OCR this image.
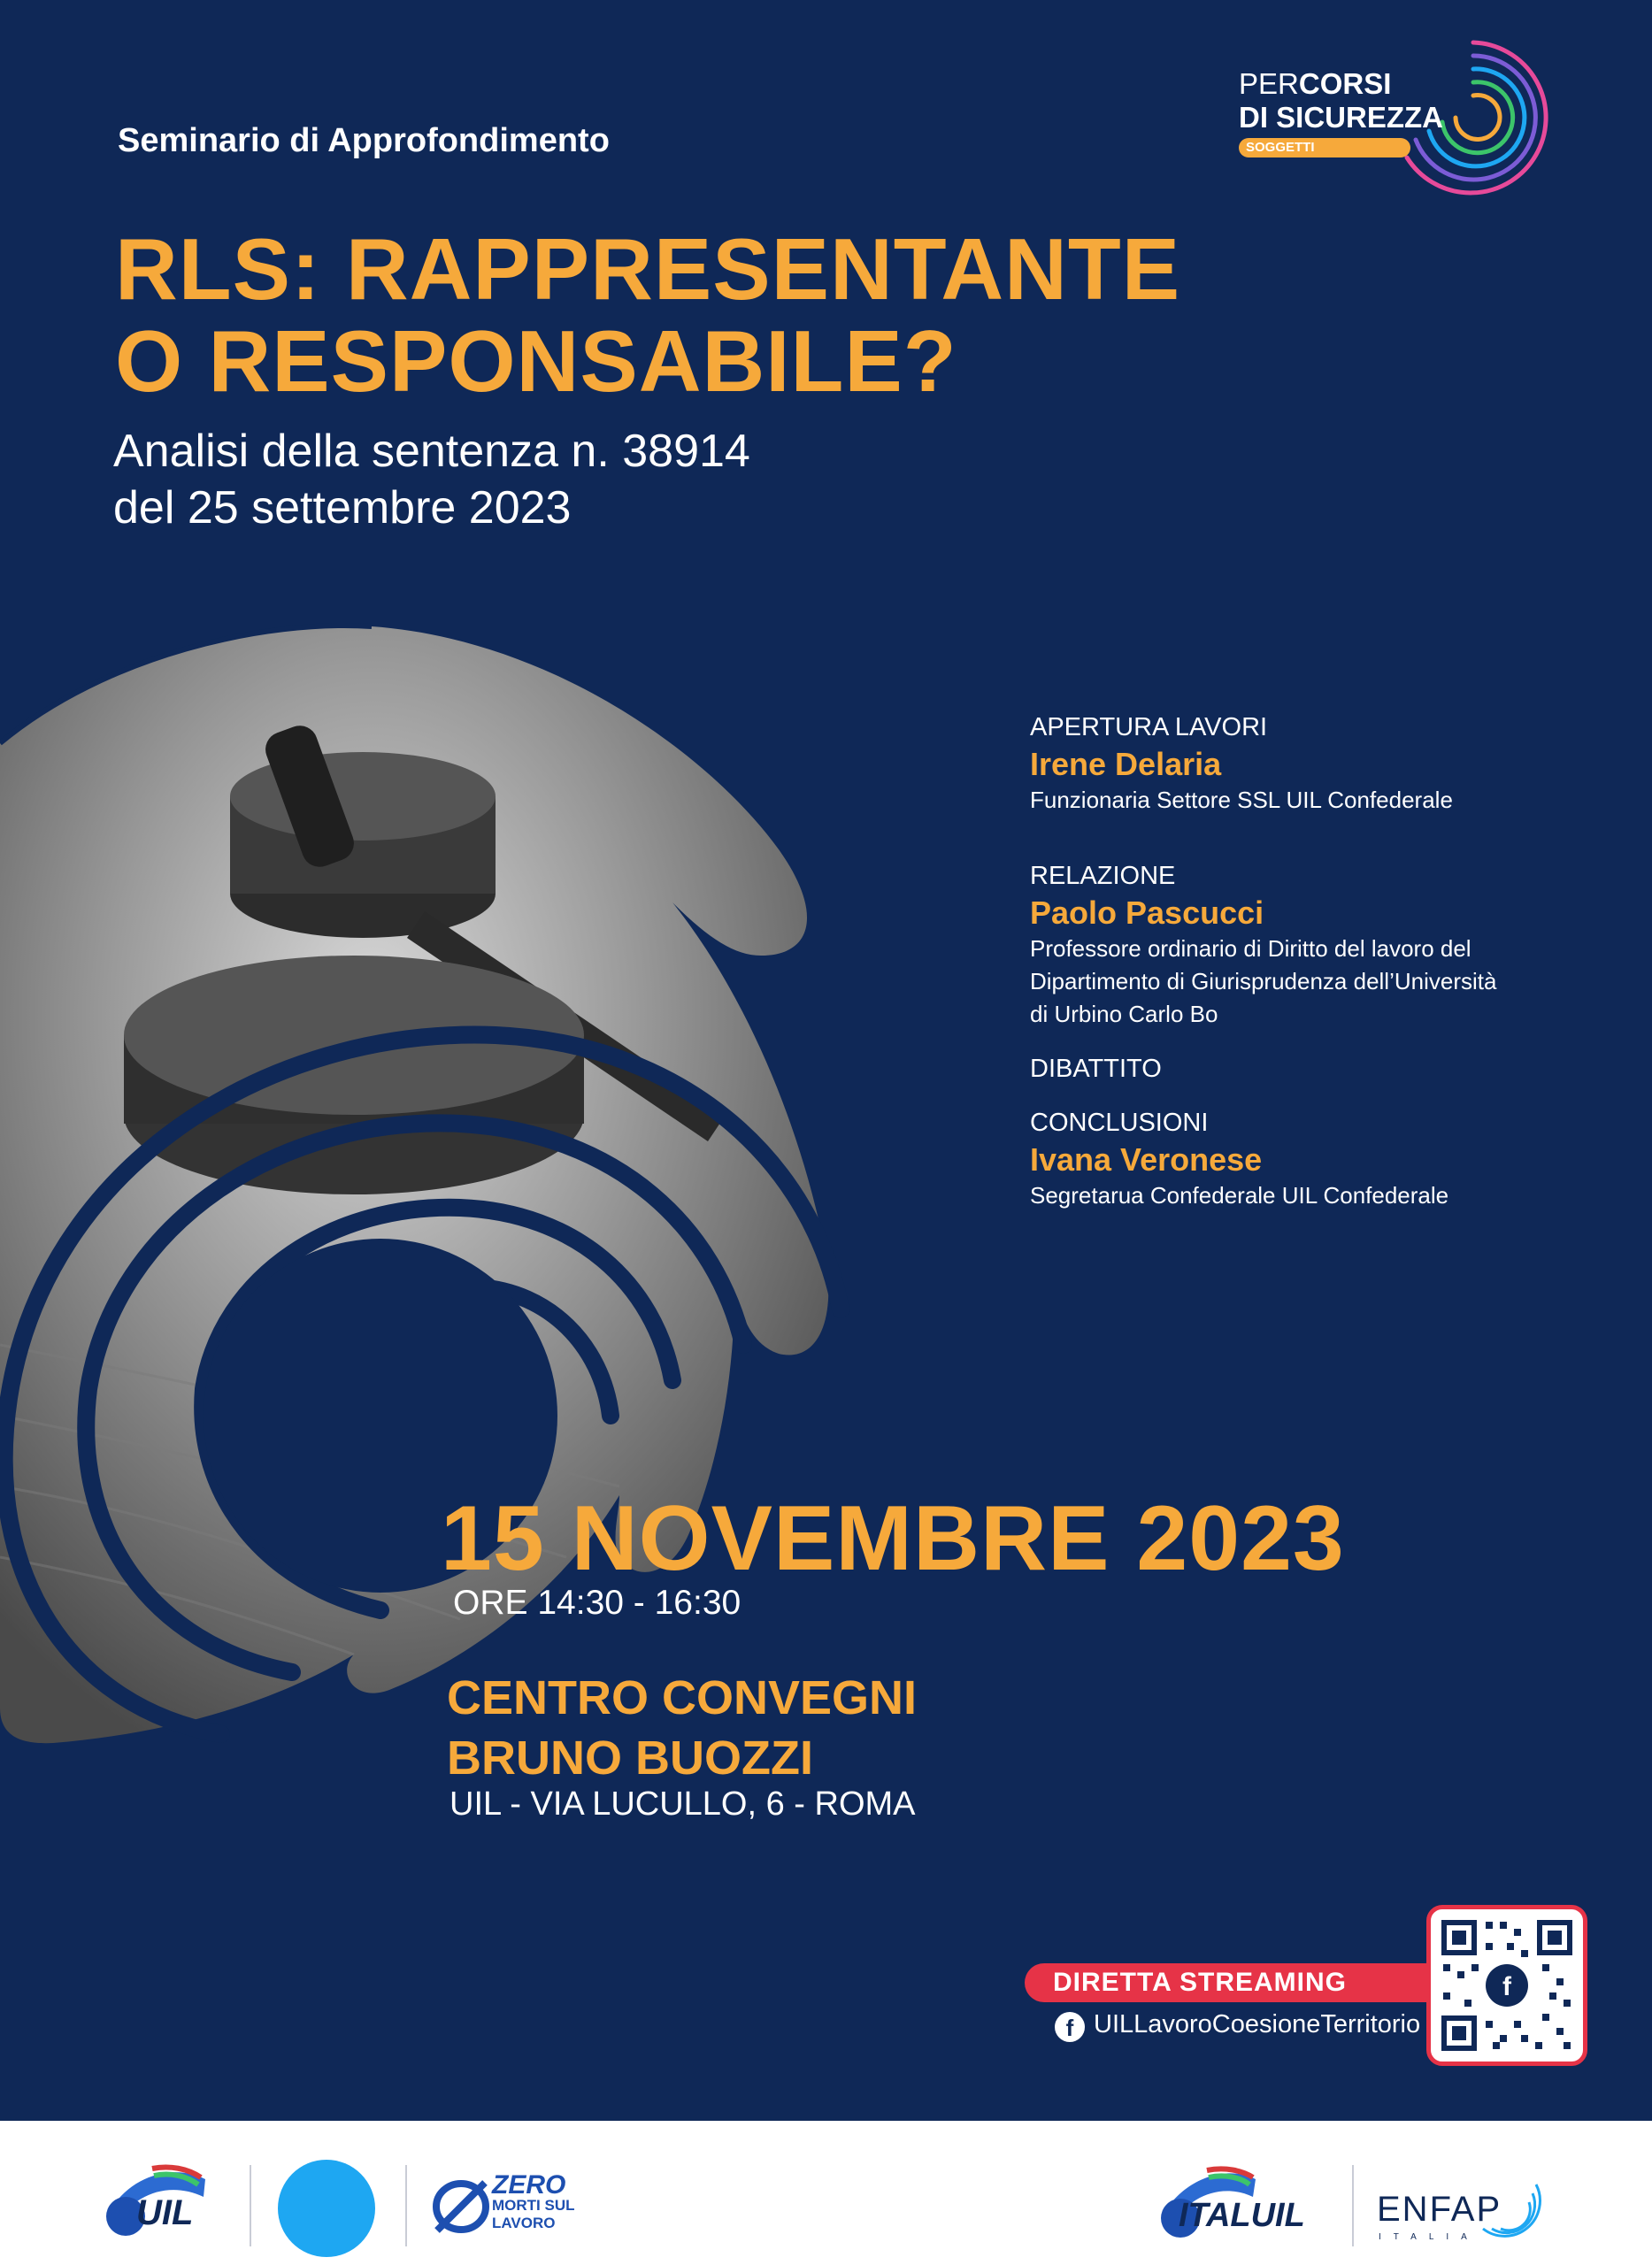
Seminario di Approfondimento
RLS: RAPPRESENTANTE
O RESPONSABILE?
Analisi della sentenza n. 38914
del 25 settembre 2023
PERCORSI
DI SICUREZZA
SOGGETTI
APERTURA LAVORI
Irene Delaria
Funzionaria Settore SSL UIL Confederale
RELAZIONE
Paolo Pascucci
Professore ordinario di Diritto del lavoro del
Dipartimento di Giurisprudenza dell’Università
di Urbino Carlo Bo
DIBATTITO
CONCLUSIONI
Ivana Veronese
Segretarua Confederale UIL Confederale
15 NOVEMBRE 2023
ORE 14:30 - 16:30
CENTRO CONVEGNI
BRUNO BUOZZI
UIL - VIA LUCULLO, 6 - ROMA
DIRETTA STREAMING
f UILLavoroCoesioneTerritorio
f
UIL
ZERO
MORTI SUL
LAVORO	ITALUIL ENFAP
ITALIA
